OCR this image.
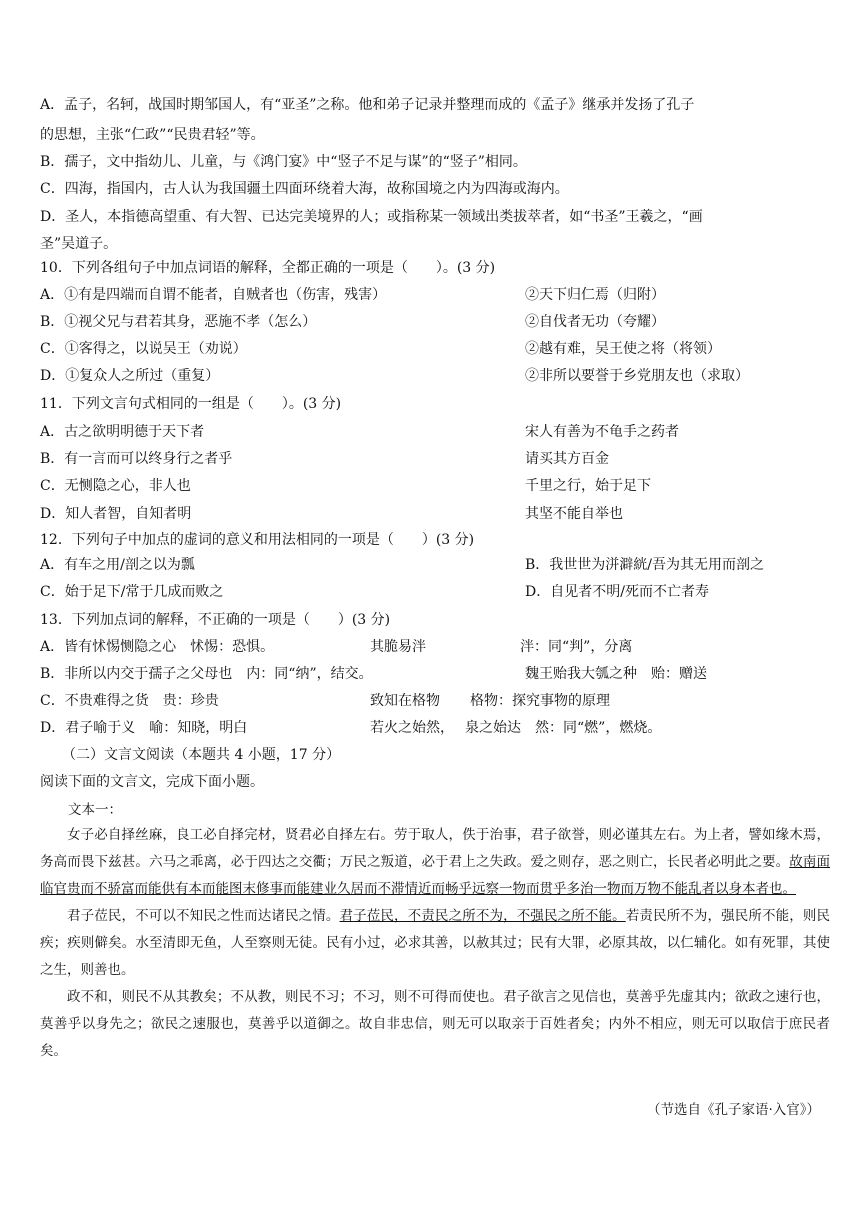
A．孟子，名轲，战国时期邹国人，有“亚圣”之称。他和弟子记录并整理而成的《孟子》继承并发扬了孔子
的思想，主张“仁政”“民贵君轻”等。
B．孺子，文中指幼儿、儿童，与《鸿门宴》中“竖子不足与谋”的“竖子”相同。
C．四海，指国内，古人认为我国疆土四面环绕着大海，故称国境之内为四海或海内。
D．圣人，本指德高望重、有大智、已达完美境界的人；或指称某一领域出类拔萃者，如“书圣”王羲之，“画
圣”吴道子。
10．下列各组句子中加点词语的解释，全都正确的一项是（　　）。(3 分)
A．①有是四端而自谓不能者，自贼者也（伤害，残害）	②天下归仁焉（归附）
B．①视父兄与君若其身，恶施不孝（怎么）	②自伐者无功（夸耀）
C．①客得之，以说吴王（劝说）	②越有难，吴王使之将（将领）
D．①复众人之所过（重复）	②非所以要誉于乡党朋友也（求取）
11．下列文言句式相同的一组是（　　）。(3 分)
A．古之欲明明德于天下者	宋人有善为不龟手之药者
B．有一言而可以终身行之者乎	请买其方百金
C．无恻隐之心，非人也	千里之行，始于足下
D．知人者智，自知者明	其坚不能自举也
12．下列句子中加点的虚词的意义和用法相同的一项是（　　）(3 分)
A．有车之用/剖之以为瓢	B．我世世为洴澼絖/吾为其无用而剖之
C．始于足下/常于几成而败之	D．自见者不明/死而不亡者寿
13．下列加点词的解释，不正确的一项是（　　）(3 分)
A．皆有怵惕恻隐之心　怵惕：恐惧。	其脆易泮	泮：同“判”，分离
B．非所以内交于孺子之父母也　内：同“纳”，结交。	魏王贻我大瓠之种　贻：赠送
C．不贵难得之货　贵：珍贵	致知在格物	格物：探究事物的原理
D．君子喻于义　喻：知晓，明白	若火之始然， 泉之始达　然：同“燃”，燃烧。
（二）文言文阅读（本题共 4 小题，17 分）
阅读下面的文言文，完成下面小题。
文本一：

女子必自择丝麻，良工必自择完材，贤君必自择左右。劳于取人，佚于治事，君子欲誉，则必谨其左右。为上者，譬如缘木焉，务高而畏下兹甚。六马之乖离，必于四达之交衢；万民之叛道，必于君上之失政。爱之则存，恶之则亡，长民者必明此之要。故南面临官贵而不骄富而能供有本而能图末修事而能建业久居而不滞情近而畅乎远察一物而贯乎多治一物而万物不能乱者以身本者也。

君子莅民，不可以不知民之性而达诸民之情。君子莅民，不责民之所不为，不强民之所不能。若责民所不为，强民所不能，则民疾；疾则僻矣。水至清即无鱼，人至察则无徒。民有小过，必求其善，以赦其过；民有大罪，必原其故，以仁辅化。如有死罪，其使之生，则善也。

政不和，则民不从其教矣；不从教，则民不习；不习，则不可得而使也。君子欲言之见信也，莫善乎先虚其内；欲政之速行也，莫善乎以身先之；欲民之速服也，莫善乎以道御之。故自非忠信，则无可以取亲于百姓者矣；内外不相应，则无可以取信于庶民者矣。

（节选自《孔子家语·入官》）
